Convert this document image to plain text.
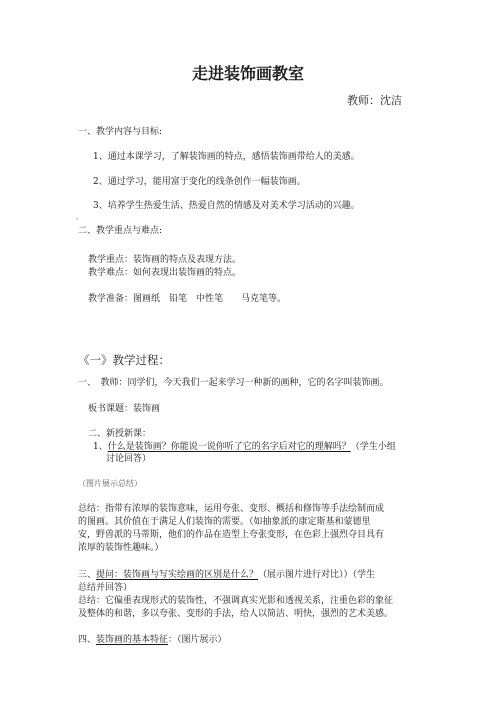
走进装饰画教室
教师：沈洁
一、教学内容与目标:
1、通过本课学习，了解装饰画的特点，感悟装饰画带给人的美感。
2、通过学习，能用富于变化的线条创作一幅装饰画。
3、培养学生热爱生活、热爱自然的情感及对美术学习活动的兴趣。
。
二、教学重点与难点:
教学重点：装饰画的特点及表现方法。
教学难点：如何表现出装饰画的特点。
教学准备：图画纸　铅笔　中性笔　　马克笔等。
《一》教学过程：
一、　教师：同学们，今天我们一起来学习一种新的画种，它的名字叫装饰画。
板书课题：装饰画
二、新授新课：
1、什么是装饰画？你能说一说你听了它的名字后对它的理解吗？（学生小组
讨论回答）
（图片展示总结）
总结：指带有浓厚的装饰意味，运用夸张、变形、概括和修饰等手法绘制而成
的图画。其价值在于满足人们装饰的需要。（如抽象派的康定斯基和蒙德里
安，野兽派的马蒂斯，他们的作品在造型上夸张变形，在色彩上强烈夺目具有
浓厚的装饰性趣味。）
三、提问：装饰画与写实绘画的区别是什么？（展示图片进行对比））（学生
总结并回答）
总结：它偏重表现形式的装饰性，不强调真实光影和透视关系，注重色彩的象征
及整体的和谐，多以夸张、变形的手法，给人以简洁、明快，强烈的艺术美感。
四、装饰画的基本特征：（图片展示）
